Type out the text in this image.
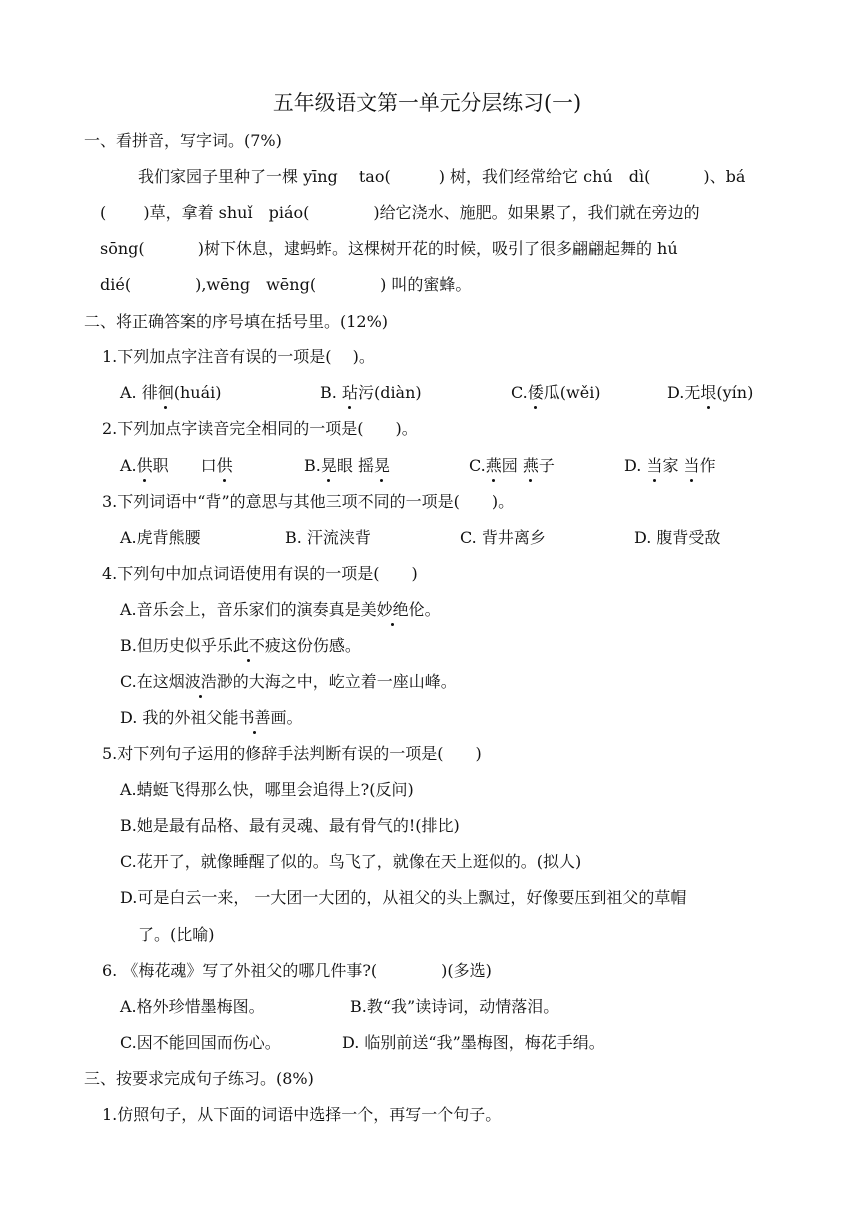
五年级语文第一单元分层练习(一)
一、看拼音，写字词。(7%)
我们家园子里种了一棵 yīng　 tao(　　　) 树，我们经常给它 chú　dì(　　　 )、bá
(　　 )草，拿着 shuǐ　piáo(　　　　)给它浇水、施肥。如果累了，我们就在旁边的
sōng(　　　 )树下休息，逮蚂蚱。这棵树开花的时候，吸引了很多翩翩起舞的 hú
dié(　　　　),wēng　wēng(　　　　) 叫的蜜蜂。
二、将正确答案的序号填在括号里。(12%)
1.下列加点字注音有误的一项是(　 )。
A. 徘徊(huái)	B. 玷污(diàn)	C.倭瓜(wěi)	D.无垠(yín)
2.下列加点字读音完全相同的一项是(　　)。
A.供职　　口供	B.晃眼 摇晃	C.燕园 燕子	D. 当家 当作
3.下列词语中“背”的意思与其他三项不同的一项是(　　)。
A.虎背熊腰	B. 汗流浃背	C. 背井离乡	D. 腹背受敌
4.下列句中加点词语使用有误的一项是(　　)
A.音乐会上，音乐家们的演奏真是美妙绝伦。
B.但历史似乎乐此不疲这份伤感。
C.在这烟波浩渺的大海之中，屹立着一座山峰。
D. 我的外祖父能书善画。
5.对下列句子运用的修辞手法判断有误的一项是(　　)
A.蜻蜓飞得那么快，哪里会追得上?(反问)
B.她是最有品格、最有灵魂、最有骨气的!(排比)
C.花开了，就像睡醒了似的。鸟飞了，就像在天上逛似的。(拟人)
D.可是白云一来， 一大团一大团的，从祖父的头上飘过，好像要压到祖父的草帽
了。(比喻)
6. 《梅花魂》写了外祖父的哪几件事?(　　　　)(多选)
A.格外珍惜墨梅图。	B.教“我”读诗词，动情落泪。
C.因不能回国而伤心。	D. 临别前送“我”墨梅图，梅花手绢。
三、按要求完成句子练习。(8%)
1.仿照句子，从下面的词语中选择一个，再写一个句子。
